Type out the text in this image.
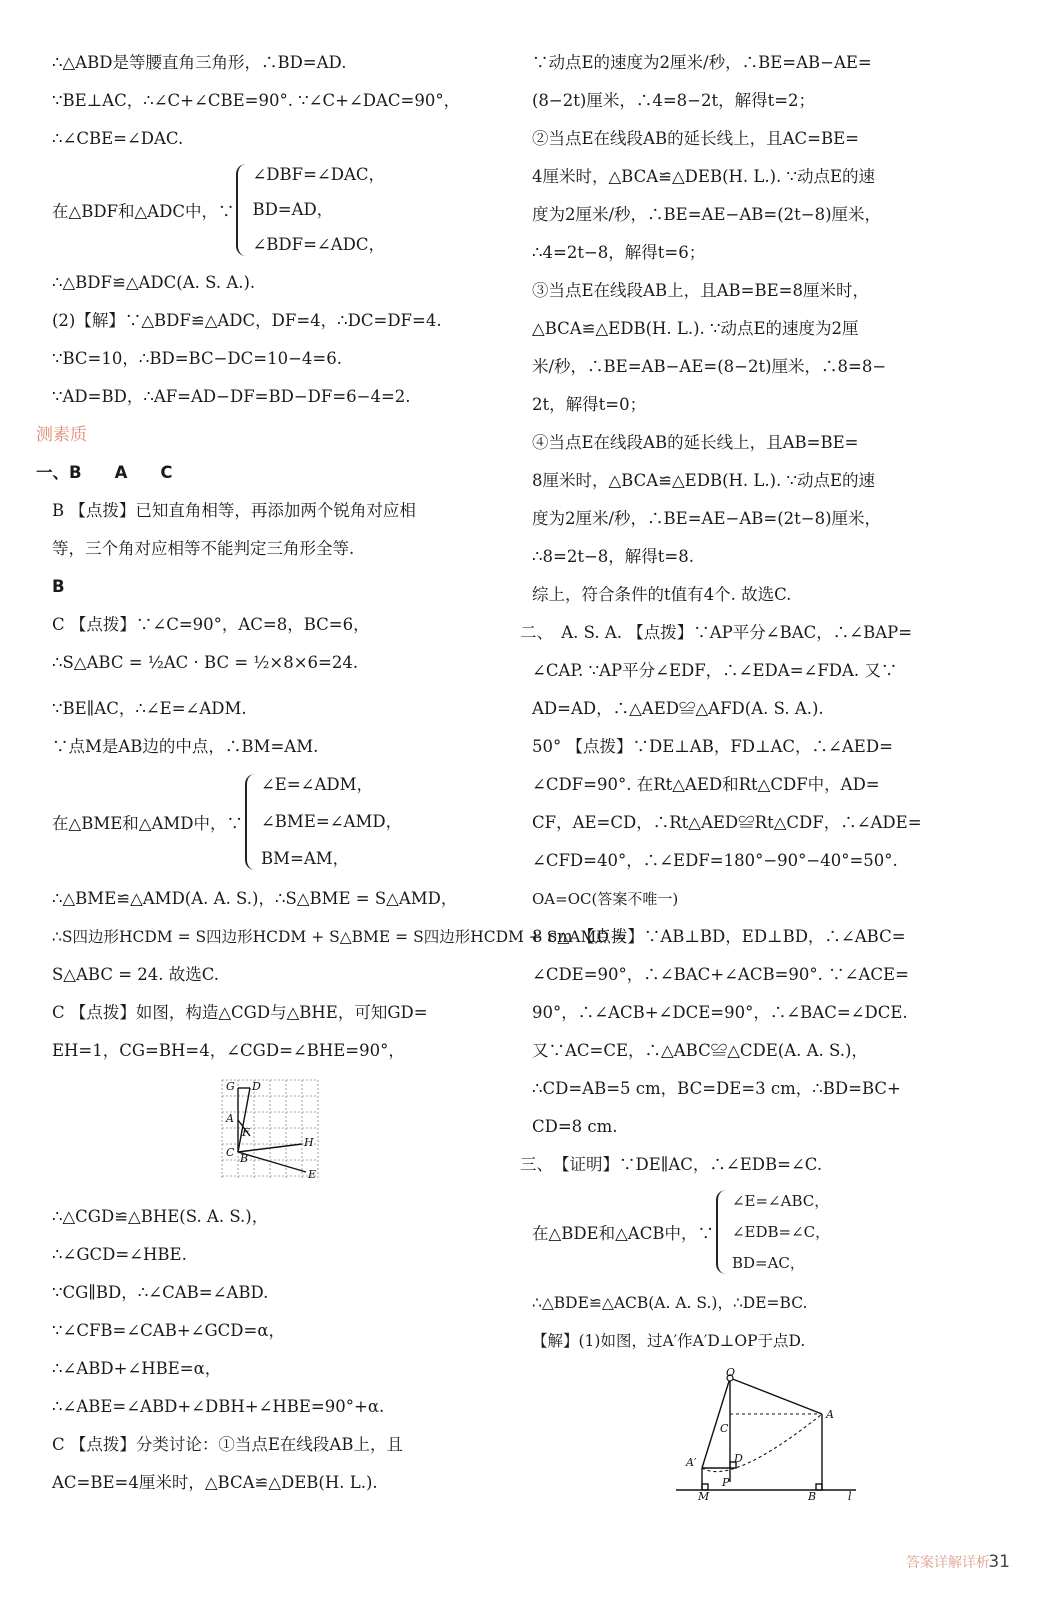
∴△ABD是等腰直角三角形，∴BD=AD.
∵BE⊥AC，∴∠C+∠CBE=90°. ∵∠C+∠DAC=90°，
∴∠CBE=∠DAC.
在△BDF和△ADC中，∵
∠DBF=∠DAC，
BD=AD，
∠BDF=∠ADC，
∴△BDF≌△ADC(A. S. A.).
(2)【解】∵△BDF≌△ADC，DF=4，∴DC=DF=4.
∵BC=10，∴BD=BC−DC=10−4=6.
∵AD=BD，∴AF=AD−DF=BD−DF=6−4=2.
测素质
一、B　　A　　C
B 【点拨】已知直角相等，再添加两个锐角对应相
等，三个角对应相等不能判定三角形全等.
B
C 【点拨】∵∠C=90°，AC=8，BC=6，
∴S△ABC = ½AC · BC = ½×8×6=24.
∵BE∥AC，∴∠E=∠ADM.
∵点M是AB边的中点，∴BM=AM.
在△BME和△AMD中，∵
∠E=∠ADM，
∠BME=∠AMD，
BM=AM，
∴△BME≌△AMD(A. A. S.)，∴S△BME = S△AMD，
∴S四边形HCDM = S四边形HCDM + S△BME = S四边形HCDM + S△AMD =
S△ABC = 24. 故选C.
C 【点拨】如图，构造△CGD与△BHE，可知GD=
EH=1，CG=BH=4，∠CGD=∠BHE=90°，
G D
A
F
C B
H
E
∴△CGD≌△BHE(S. A. S.)，
∴∠GCD=∠HBE.
∵CG∥BD，∴∠CAB=∠ABD.
∵∠CFB=∠CAB+∠GCD=α，
∴∠ABD+∠HBE=α，
∴∠ABE=∠ABD+∠DBH+∠HBE=90°+α.
C 【点拨】分类讨论：①当点E在线段AB上，且
AC=BE=4厘米时，△BCA≌△DEB(H. L.).
∵动点E的速度为2厘米/秒，∴BE=AB−AE=
(8−2t)厘米，∴4=8−2t，解得t=2；
②当点E在线段AB的延长线上，且AC=BE=
4厘米时，△BCA≌△DEB(H. L.). ∵动点E的速
度为2厘米/秒，∴BE=AE−AB=(2t−8)厘米，
∴4=2t−8，解得t=6；
③当点E在线段AB上，且AB=BE=8厘米时，
△BCA≌△EDB(H. L.). ∵动点E的速度为2厘
米/秒，∴BE=AB−AE=(8−2t)厘米，∴8=8−
2t，解得t=0；
④当点E在线段AB的延长线上，且AB=BE=
8厘米时，△BCA≌△EDB(H. L.). ∵动点E的速
度为2厘米/秒，∴BE=AE−AB=(2t−8)厘米，
∴8=2t−8，解得t=8.
综上，符合条件的t值有4个. 故选C.
二、　A. S. A. 【点拨】∵AP平分∠BAC，∴∠BAP=
∠CAP. ∵AP平分∠EDF，∴∠EDA=∠FDA. 又∵
AD=AD，∴△AED≌△AFD(A. S. A.).
50° 【点拨】∵DE⊥AB，FD⊥AC，∴∠AED=
∠CDF=90°. 在Rt△AED和Rt△CDF中，AD=
CF，AE=CD，∴Rt△AED≌Rt△CDF，∴∠ADE=
∠CFD=40°，∴∠EDF=180°−90°−40°=50°.
OA=OC(答案不唯一)
8 cm 【点拨】∵AB⊥BD，ED⊥BD，∴∠ABC=
∠CDE=90°，∴∠BAC+∠ACB=90°. ∵∠ACE=
90°，∴∠ACB+∠DCE=90°，∴∠BAC=∠DCE.
又∵AC=CE，∴△ABC≌△CDE(A. A. S.)，
∴CD=AB=5 cm，BC=DE=3 cm，∴BD=BC+
CD=8 cm.
三、　【证明】∵DE∥AC，∴∠EDB=∠C.
在△BDE和△ACB中，∵
∠E=∠ABC，
∠EDB=∠C，
BD=AC，
∴△BDE≌△ACB(A. A. S.)，∴DE=BC.
【解】(1)如图，过A′作A′D⊥OP于点D.
O
C
A
A′	D
P
M	B	l
答案详解详析
31
